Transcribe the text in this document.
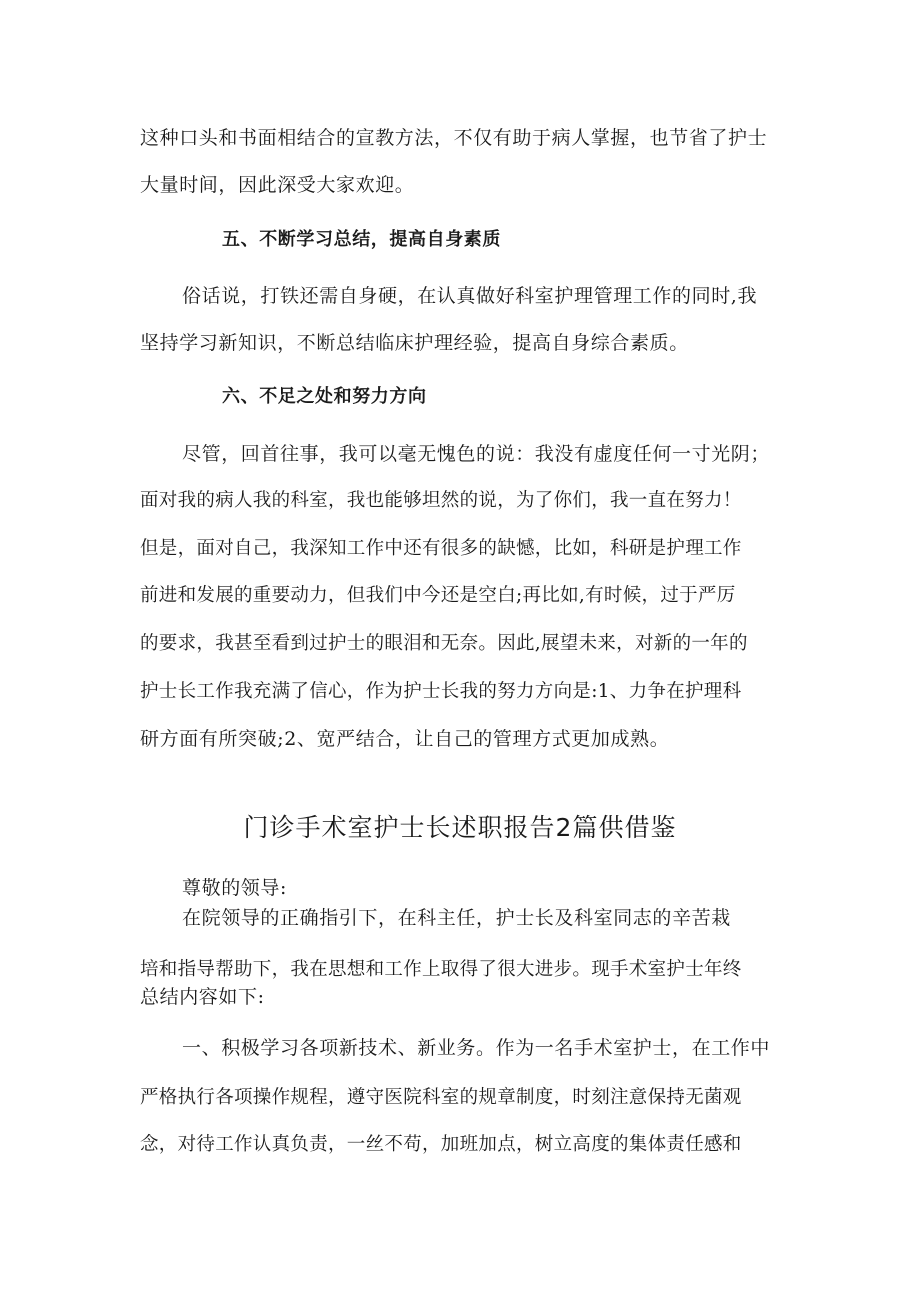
这种口头和书面相结合的宣教方法，不仅有助于病人掌握，也节省了护士
大量时间，因此深受大家欢迎。
五、不断学习总结，提高自身素质
俗话说，打铁还需自身硬，在认真做好科室护理管理工作的同时,我
坚持学习新知识，不断总结临床护理经验，提高自身综合素质。
六、不足之处和努力方向
尽管，回首往事，我可以毫无愧色的说：我没有虚度任何一寸光阴；
面对我的病人我的科室，我也能够坦然的说，为了你们，我一直在努力！
但是，面对自己，我深知工作中还有很多的缺憾，比如，科研是护理工作
前进和发展的重要动力，但我们中今还是空白;再比如,有时候，过于严厉
的要求，我甚至看到过护士的眼泪和无奈。因此,展望未来，对新的一年的
护士长工作我充满了信心，作为护士长我的努力方向是:1、力争在护理科
研方面有所突破;2、宽严结合，让自己的管理方式更加成熟。
门诊手术室护士长述职报告2篇供借鉴
尊敬的领导:
在院领导的正确指引下，在科主任，护士长及科室同志的辛苦栽
培和指导帮助下，我在思想和工作上取得了很大进步。现手术室护士年终
总结内容如下:
一、积极学习各项新技术、新业务。作为一名手术室护士，在工作中
严格执行各项操作规程，遵守医院科室的规章制度，时刻注意保持无菌观
念，对待工作认真负责，一丝不苟，加班加点，树立高度的集体责任感和
